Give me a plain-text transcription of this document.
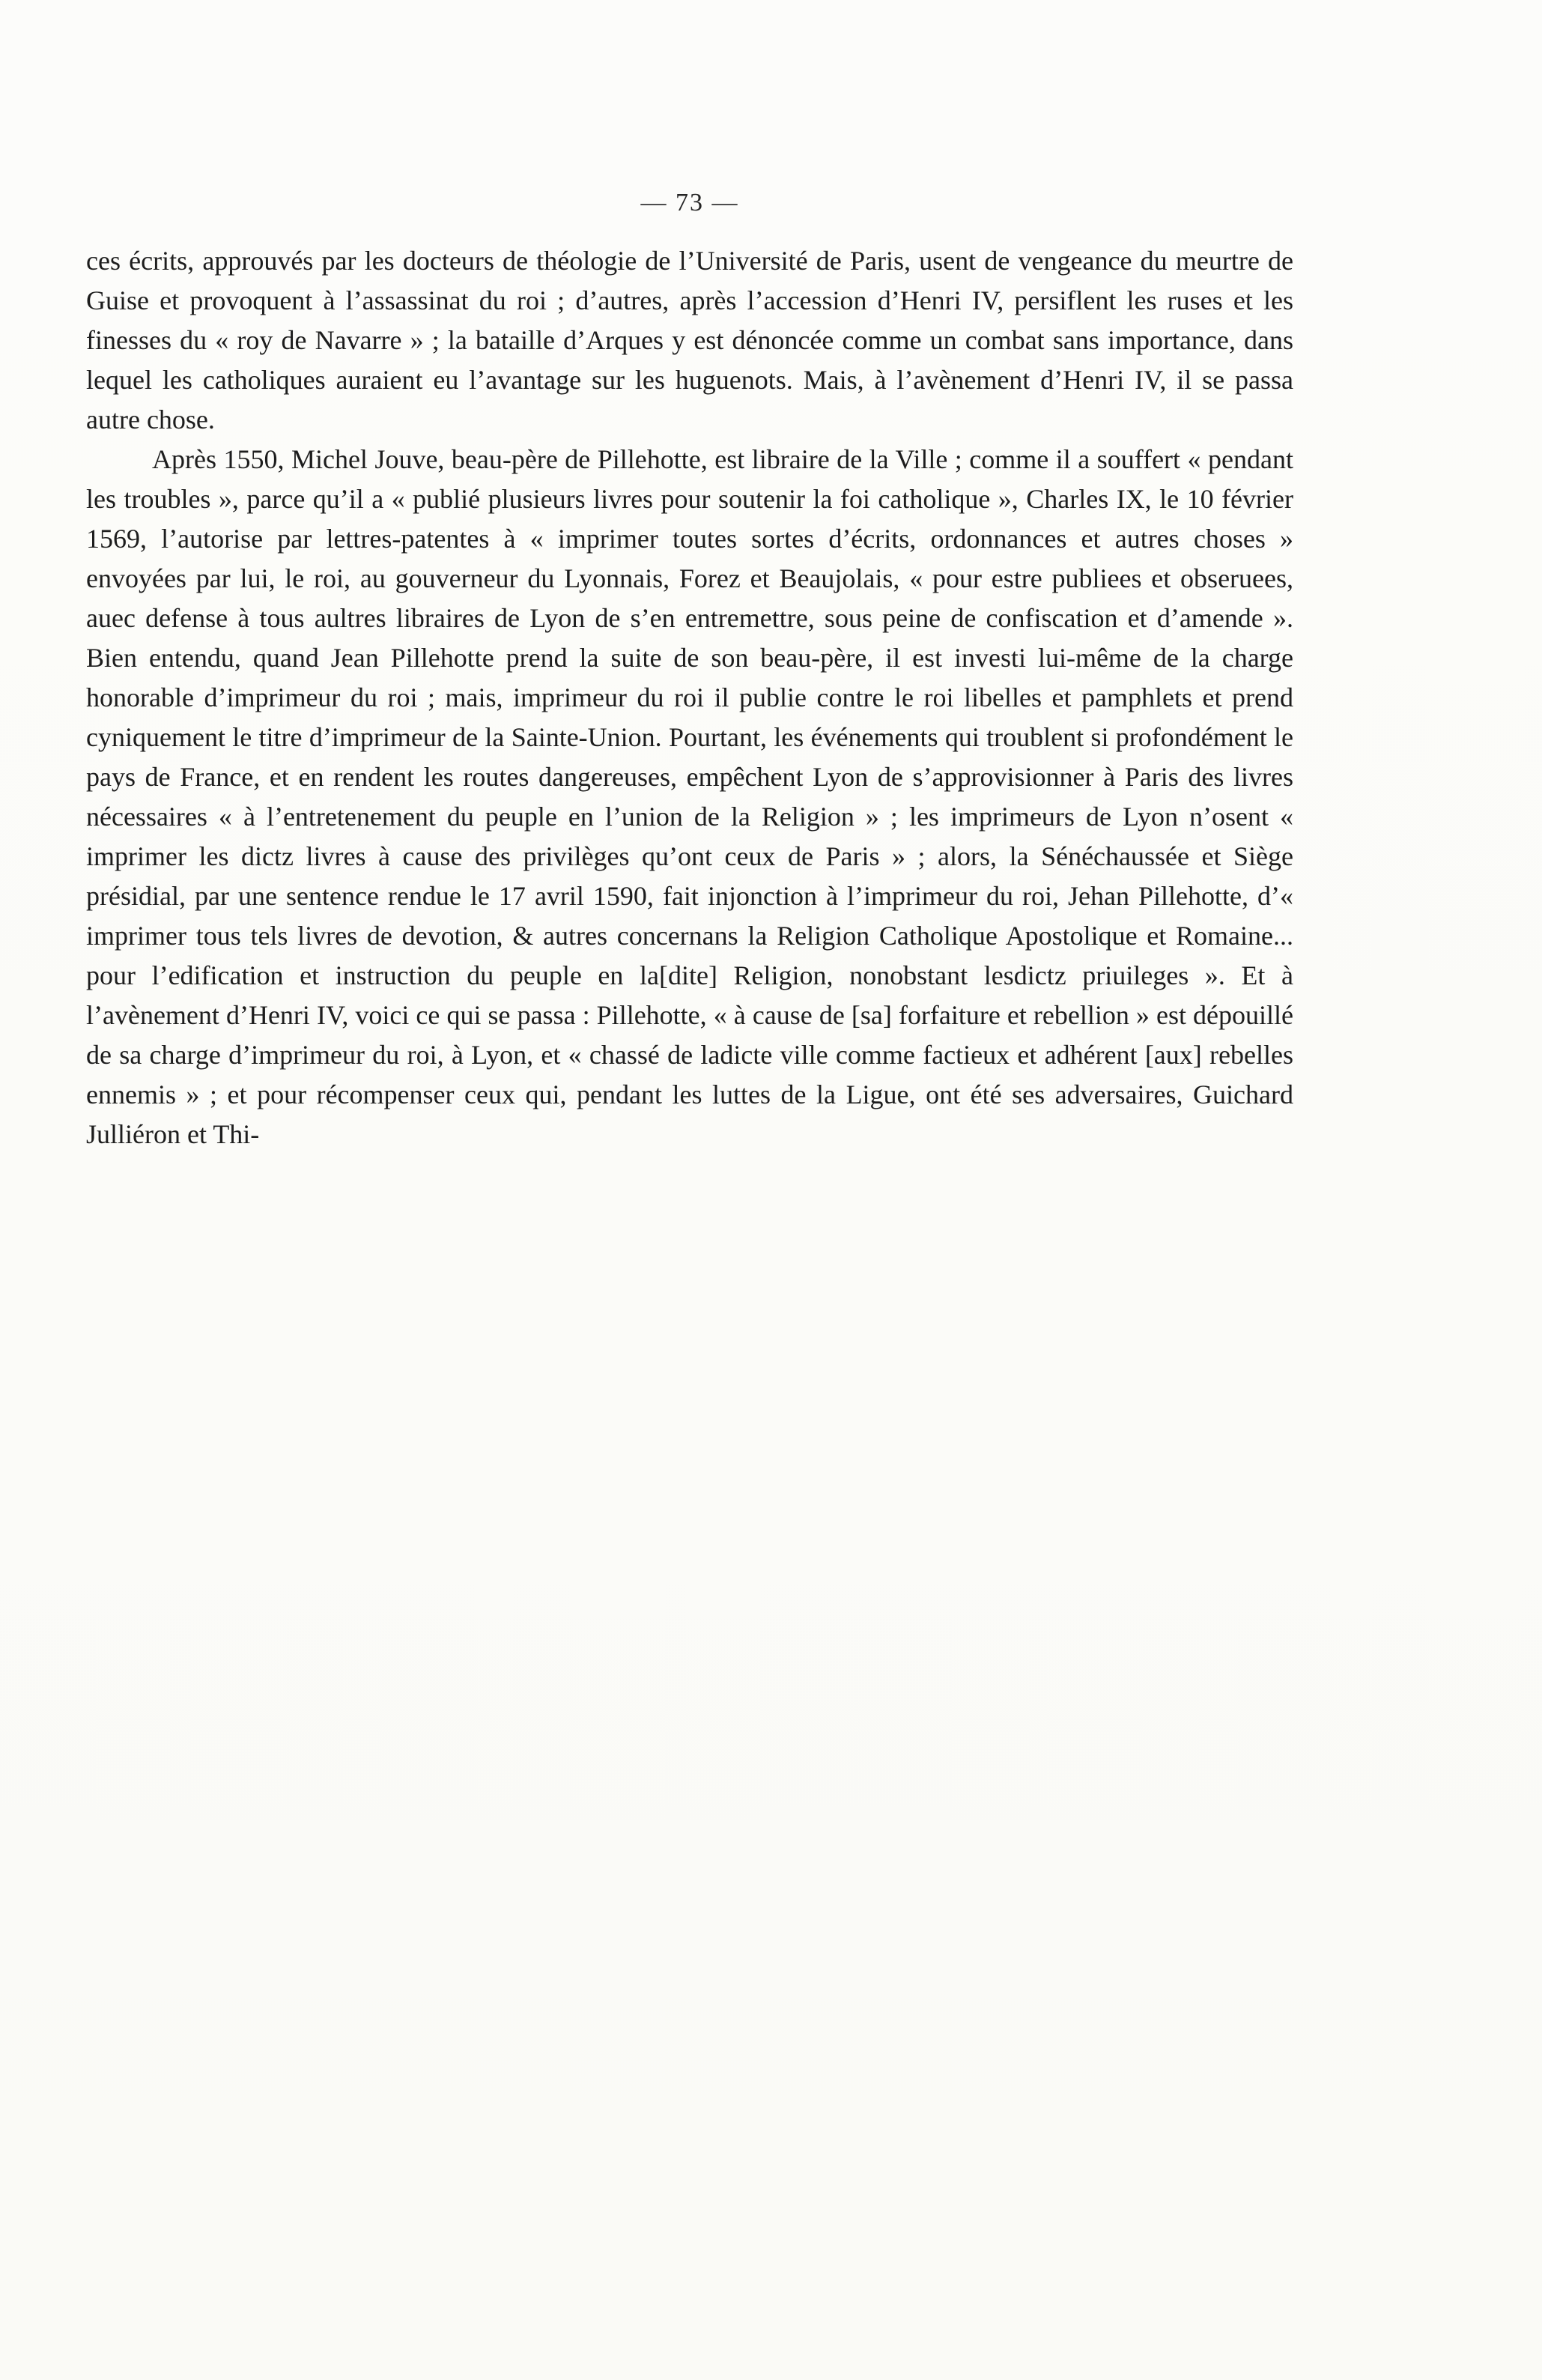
— 73 —

ces écrits, approuvés par les docteurs de théologie de l’Université de Paris, usent de vengeance du meurtre de Guise et provoquent à l’assassinat du roi ; d’autres, après l’accession d’Henri IV, persiflent les ruses et les finesses du « roy de Navarre » ; la bataille d’Arques y est dénoncée comme un combat sans importance, dans lequel les catholiques auraient eu l’avantage sur les huguenots. Mais, à l’avènement d’Henri IV, il se passa autre chose.

Après 1550, Michel Jouve, beau-père de Pillehotte, est libraire de la Ville ; comme il a souffert « pendant les troubles », parce qu’il a « publié plusieurs livres pour soutenir la foi catholique », Charles IX, le 10 février 1569, l’autorise par lettres-patentes à « imprimer toutes sortes d’écrits, ordonnances et autres choses » envoyées par lui, le roi, au gouverneur du Lyonnais, Forez et Beaujolais, « pour estre publiees et obseruees, auec defense à tous aultres libraires de Lyon de s’en entremettre, sous peine de confiscation et d’amende ». Bien entendu, quand Jean Pillehotte prend la suite de son beau-père, il est investi lui-même de la charge honorable d’imprimeur du roi ; mais, imprimeur du roi il publie contre le roi libelles et pamphlets et prend cyniquement le titre d’imprimeur de la Sainte-Union. Pourtant, les événements qui troublent si profondément le pays de France, et en rendent les routes dangereuses, empêchent Lyon de s’approvisionner à Paris des livres nécessaires « à l’entretenement du peuple en l’union de la Religion » ; les imprimeurs de Lyon n’osent « imprimer les dictz livres à cause des privilèges qu’ont ceux de Paris » ; alors, la Sénéchaussée et Siège présidial, par une sentence rendue le 17 avril 1590, fait injonction à l’imprimeur du roi, Jehan Pillehotte, d’« imprimer tous tels livres de devotion, & autres concernans la Religion Catholique Apostolique et Romaine... pour l’edification et instruction du peuple en la[dite] Religion, nonobstant lesdictz priuileges ». Et à l’avènement d’Henri IV, voici ce qui se passa : Pillehotte, « à cause de [sa] forfaiture et rebellion » est dépouillé de sa charge d’imprimeur du roi, à Lyon, et « chassé de ladicte ville comme factieux et adhérent [aux] rebelles ennemis » ; et pour récompenser ceux qui, pendant les luttes de la Ligue, ont été ses adversaires, Guichard Julliéron et Thi-
